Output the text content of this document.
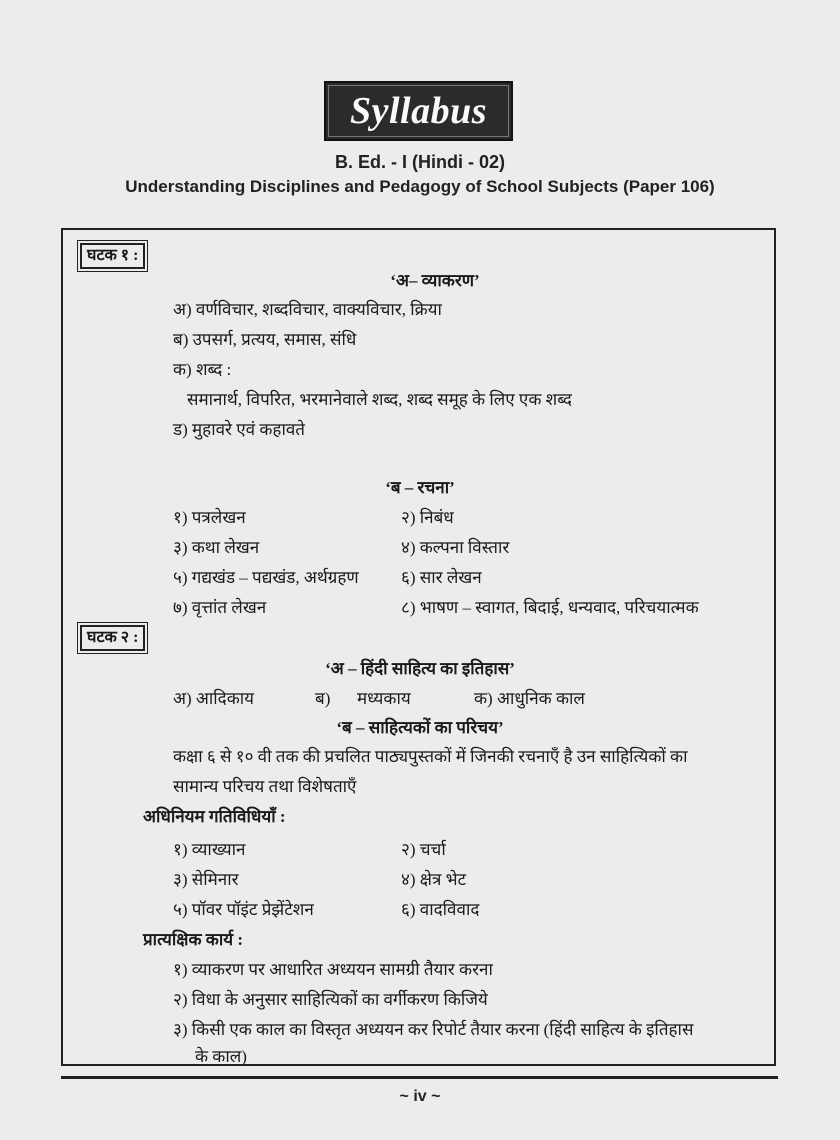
Syllabus
B. Ed. - I (Hindi - 02)
Understanding Disciplines and Pedagogy of School Subjects (Paper 106)
घटक १ :
‘अ– व्याकरण’
अ) वर्णविचार, शब्दविचार, वाक्यविचार, क्रिया
ब) उपसर्ग, प्रत्यय, समास, संधि
क) शब्द :
समानार्थ, विपरित, भरमानेवाले शब्द, शब्द समूह के लिए एक शब्द
ड) मुहावरे एवं कहावते
‘ब – रचना’
१) पत्रलेखन
३) कथा लेखन
५) गद्यखंड – पद्यखंड, अर्थग्रहण
७) वृत्तांत लेखन
२) निबंध
४) कल्पना विस्तार
६) सार लेखन
८) भाषण – स्वागत, बिदाई, धन्यवाद, परिचयात्मक
घटक २ :
‘अ – हिंदी साहित्य का इतिहास’
अ) आदिकाय	ब) मध्यकाय	क) आधुनिक काल
‘ब – साहित्यकों का परिचय’
कक्षा ६ से १० वी तक की प्रचलित पाठ्यपुस्तकों में जिनकी रचनाएँ है उन साहित्यिकों का
सामान्य परिचय तथा विशेषताएँ
अधिनियम गतिविधियाँ :
१) व्याख्यान
३) सेमिनार
५) पॉवर पॉइंट प्रेझेंटेशन
२) चर्चा
४) क्षेत्र भेट
६) वादविवाद
प्रात्यक्षिक कार्य :
१) व्याकरण पर आधारित अध्ययन सामग्री तैयार करना
२) विधा के अनुसार साहित्यिकों का वर्गीकरण किजिये
३) किसी एक काल का विस्तृत अध्ययन कर रिपोर्ट तैयार करना (हिंदी साहित्य के इतिहास
के काल)
~ iv ~
